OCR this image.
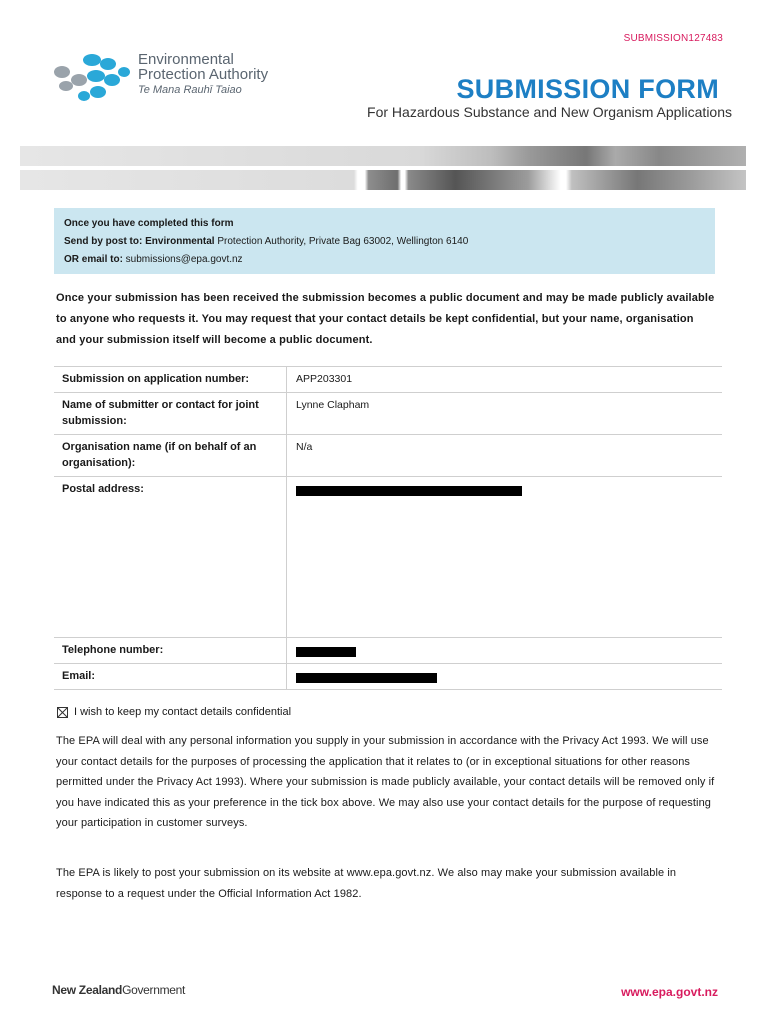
SUBMISSION127483
Environmental
Protection Authority
Te Mana Rauhī Taiao	SUBMISSION FORM
For Hazardous Substance and New Organism Applications
Once you have completed this form
Send by post to: Environmental Protection Authority, Private Bag 63002, Wellington 6140
OR email to: submissions@epa.govt.nz
Once your submission has been received the submission becomes a public document and may be made publicly available to anyone who requests it. You may request that your contact details be kept confidential, but your name, organisation and your submission itself will become a public document.
Submission on application number:	APP203301
Name of submitter or contact for joint submission:	Lynne Clapham
Organisation name (if on behalf of an organisation):	N/a
Postal address:	
Telephone number:	
Email:	
I wish to keep my contact details confidential
The EPA will deal with any personal information you supply in your submission in accordance with the Privacy Act 1993. We will use your contact details for the purposes of processing the application that it relates to (or in exceptional situations for other reasons permitted under the Privacy Act 1993). Where your submission is made publicly available, your contact details will be removed only if you have indicated this as your preference in the tick box above. We may also use your contact details for the purpose of requesting your participation in customer surveys.
The EPA is likely to post your submission on its website at www.epa.govt.nz. We also may make your submission available in response to a request under the Official Information Act 1982.
New ZealandGovernment	www.epa.govt.nz
